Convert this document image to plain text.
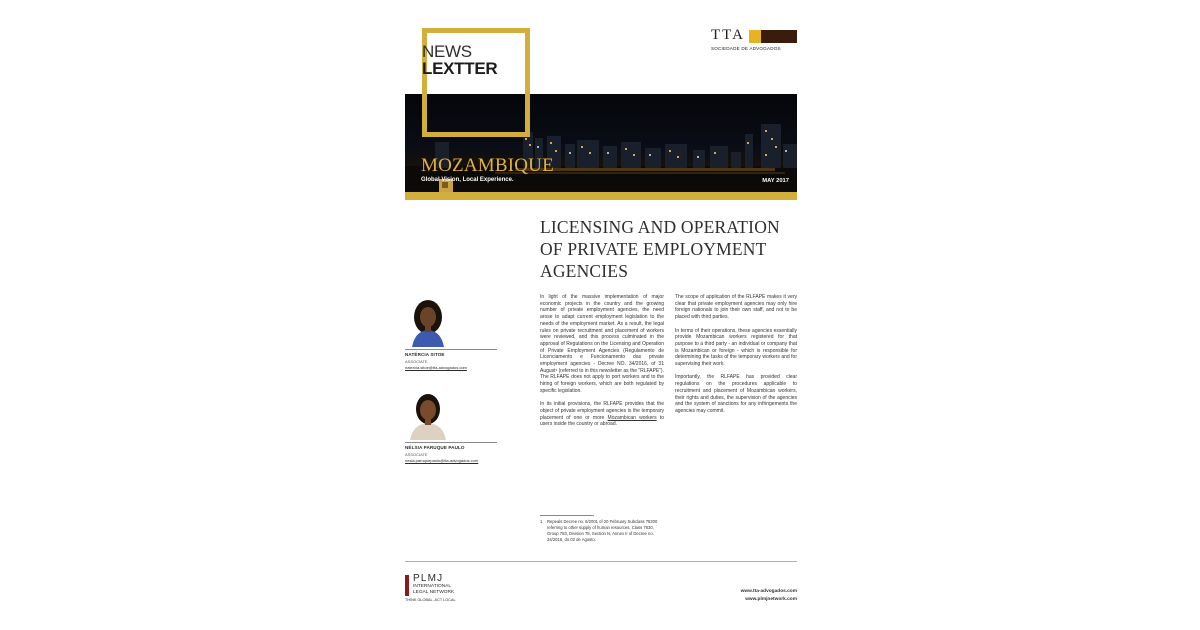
TTA
SOCIEDADE DE ADVOGADOS
MOZAMBIQUE
Global Vision, Local Experience.	MAY 2017
NEWS
LEXTTER
LICENSING AND OPERATION OF PRIVATE EMPLOYMENT AGENCIES
NATÉRCIA SITOE
ASSOCIATE
natercia.sitoe@tta-advogados.com
NÉLSIA PARUQUE PAULO
ASSOCIATE
nesia.paruquepaulo@tta-advogados.com

In light of the massive implementation of major economic projects in the country and the growing number of private employment agencies, the need arose to adapt current employment legislation to the needs of the employment market. As a result, the legal rules on private recruitment and placement of workers were reviewed, and this process culminated in the approval of Regulations on the Licensing and Operation of Private Employment Agencies (Regulamento de Licenciamento e Funcionamento das private employment agencies - Decree NO. 34/2016, of 31 August¹ (referred to in this newsletter as the “RLFAPE”). The RLFAPE does not apply to port workers and to the hiring of foreign workers, which are both regulated by specific legislation.

In its initial provisions, the RLFAPE provides that the object of private employment agencies is the temporary placement of one or more Mozambican workers to users inside the country or abroad.

The scope of application of the RLFAPE makes it very clear that private employment agencies may only hire foreign nationals to join their own staff, and not to be placed with third parties.

In terms of their operations, these agencies essentially provide Mozambican workers registered for that purpose to a third party - an individual or company that is Mozambican or foreign - which is responsible for determining the tasks of the temporary workers and for supervising their work.

Importantly, the RLFAPE has provided clear regulations on the procedures applicable to recruitment and placement of Mozambican workers, their rights and duties, the supervision of the agencies and the system of sanctions for any infringements the agencies may commit.

1 Repeals Decree no. 6/2001 of 20 February Subclass 78200 referring to other supply of human resources, Class 7830, Group 783, Division 78, Section N, Annex II of Decree no. 34/2016, do 02 de Agosto.
PLMJ
INTERNATIONAL
LEGAL NETWORK
THINK GLOBAL, ACT LOCAL
www.tta-advogados.com
www.plmjnetwork.com
